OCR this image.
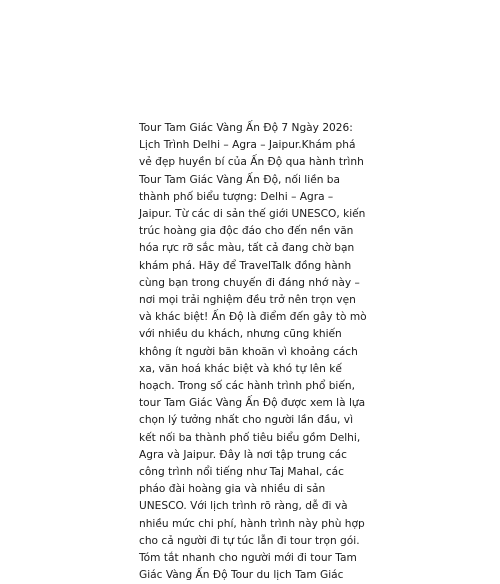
Tour Tam Giác Vàng Ấn Độ 7 Ngày 2026:
Lịch Trình Delhi – Agra – Jaipur.Khám phá
vẻ đẹp huyền bí của Ấn Độ qua hành trình
Tour Tam Giác Vàng Ấn Độ, nối liền ba
thành phố biểu tượng: Delhi – Agra –
Jaipur. Từ các di sản thế giới UNESCO, kiến
trúc hoàng gia độc đáo cho đến nền văn
hóa rực rỡ sắc màu, tất cả đang chờ bạn
khám phá. Hãy để TravelTalk đồng hành
cùng bạn trong chuyến đi đáng nhớ này –
nơi mọi trải nghiệm đều trở nên trọn vẹn
và khác biệt! Ấn Độ là điểm đến gây tò mò
với nhiều du khách, nhưng cũng khiến
không ít người băn khoăn vì khoảng cách
xa, văn hoá khác biệt và khó tự lên kế
hoạch. Trong số các hành trình phổ biến,
tour Tam Giác Vàng Ấn Độ được xem là lựa
chọn lý tưởng nhất cho người lần đầu, vì
kết nối ba thành phố tiêu biểu gồm Delhi,
Agra và Jaipur. Đây là nơi tập trung các
công trình nổi tiếng như Taj Mahal, các
pháo đài hoàng gia và nhiều di sản
UNESCO. Với lịch trình rõ ràng, dễ đi và
nhiều mức chi phí, hành trình này phù hợp
cho cả người đi tự túc lẫn đi tour trọn gói.
Tóm tắt nhanh cho người mới đi tour Tam
Giác Vàng Ấn Độ Tour du lịch Tam Giác
